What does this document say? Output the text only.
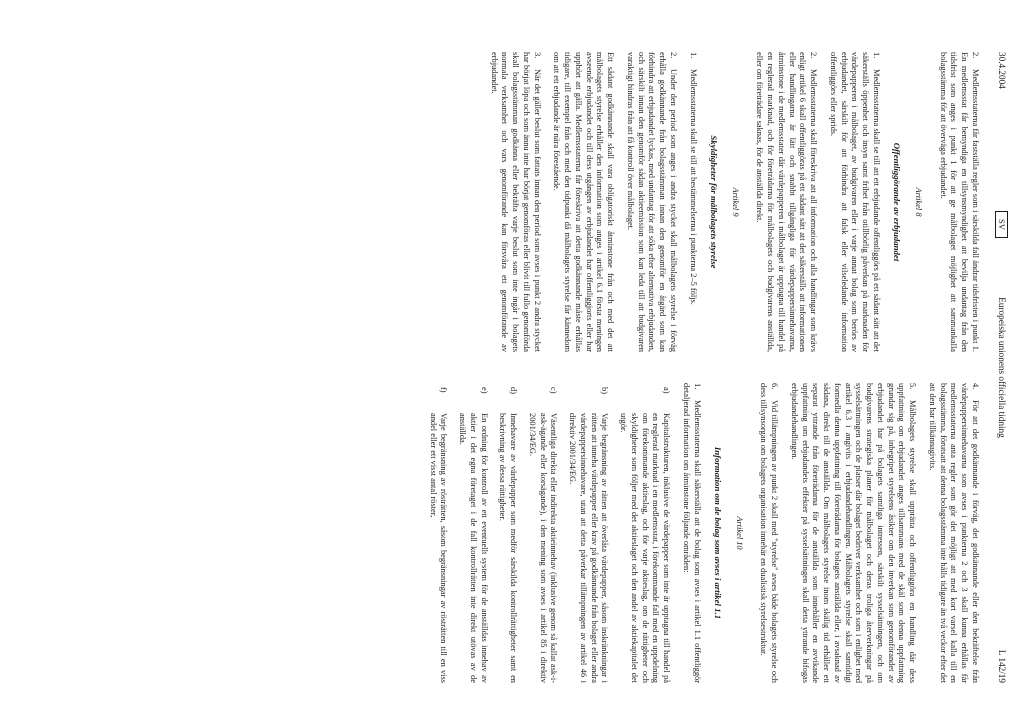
30.4.2004
SV
Europeiska unionens officiella tidning
L 142/19

2.Medlemsstaterna får fastställa regler som i särskilda fall ändrar tidsfristen i punkt 1. En medlemsstat får bemyndiga en tillsynsmyndighet att bevilja undantag från den tidsfrist som anges i punkt 1 för att ge målbolaget möjlighet att sammankalla bolagsstämma för att överväga erbjudandet.

Artikel 8
Offentliggörande av erbjudandet

1.Medlemsstaterna skall se till att ett erbjudande offentliggörs på ett sådant sätt att det säkerställs öppenhet och insyn samt frihet från otillbörlig påverkan på marknaden för värdepapperen i målbolaget, av budgivaren eller i varje annat bolag som berörs av erbjudandet, särskilt för att förhindra att falsk eller vilseledande information offentliggörs eller sprids.

2.Medlemsstaterna skall föreskriva att all information och alla handlingar som krävs enligt artikel 6 skall offentliggöras på ett sådant sätt att det säkerställs att informationen eller handlingarna är lätt och snabbt tillgängliga för värdepappersinnehavarna, åtminstone i de medlemsstater där värdepapperen i målbolaget är upptagna till handel på en reglerad marknad, och för företrädarna för målbolagets och budgivarens anställda, eller om företrädare saknas, för de anställda direkt.

Artikel 9
Skyldigheter för målbolagets styrelse

1.Medlemsstaterna skall se till att bestämmelserna i punkterna 2–5 följs.

2.Under den period som anges i andra stycket skall målbolagets styrelse i förväg erhålla godkännande från bolagsstämman innan den genomför en åtgärd som kan förhindra att erbjudandet lyckas, med undantag för att söka efter alternativa erbjudanden, och särskilt innan den genomför sådan aktieemission som kan leda till att budgivaren varaktigt hindras från att få kontroll över målbolaget.

Ett sådant godkännande skall vara obligatoriskt åtminstone från och med det att målbolagets styrelse erhåller den information som anges i artikel 6.1 första meningen avseende erbjudandet och till dess utgången av erbjudandet har offentliggjorts eller har upphört att gälla. Medlemsstaterna får föreskriva att detta godkännande måste erhållas tidigare, till exempel från och med den tidpunkt då målbolagets styrelse får kännedom om att ett erbjudande är nära förestående.

3.När det gäller beslut som fattats innan den period som avses i punkt 2 andra stycket har börjat löpa och som ännu inte har börjat genomföras eller blivit till fullo genomförda skall bolagsstämman godkänna eller bekräfta varje beslut som inte ingår i bolagets normala verksamhet och vars genomförande kan försvåra ett genomförande av erbjudandet.

4.För att det godkännande i förväg, det godkännande eller den bekräftelse från värdepappersinnehavarna som avses i punkterna 2 och 3 skall kunna erhållas får medlemsstaterna anta regler som gör det möjligt att med kort varsel kalla till en bolagsstämma, förutsatt att denna bolagsstämma inte hålls tidigare än två veckor efter det att den har tillkännagivits.

5.Målbolagets styrelse skall upprätta och offentliggöra en handling där dess uppfattning om erbjudandet anges tillsammans med de skäl som denna uppfattning grundar sig på, inbegripet styrelsens åsikter om den inverkan som genomförandet av erbjudandet har på bolagets samtliga intressen, särskilt sysselsättningen, och om budgivarens strategiska planer för målbolaget och deras troliga återverkningar på sysselsättningen och de platser där bolaget bedriver verksamhet och som i enlighet med artikel 6.3 i angivits i erbjudandehandlingen. Målbolagets styrelse skall samtidigt formedla denna uppfattning till företrädarna för bolagets anställda eller, i avsaknad av sådana, direkt till de anställda. Om målbolagets styrelse inom skälig tid erhåller ett separat yttrande från företrädarna för de anställda som innehåller en avvikande uppfattning om erbjudandets effekter på sysselsättningen skall detta yttrande bifogas erbjudandehandlingen.

6.Vid tillämpningen av punkt 2 skall med "styrelse" avses både bolagets styrelse och dess tillsynsorgan om bolagets organisation innebär en dualistisk styrelsestruktur.

Artikel 10
Information om de bolag som avses i artikel 1.1

1.Medlemsstaterna skall säkerställa att de bolag som avses i artikel 1.1 offentliggör detaljerad information om åtminstone följande områden:

a)
Kapitalstrukturen, inklusive de värdepapper som inte är upptagna till handel på en reglerad marknad i en medlemsstat, i förekommande fall med en uppdelning om förekommande aktieslag, och för varje aktieslag, om de rättigheter och skyldigheter som följer med det aktieslaget och den andel av aktiekapitalet det utgör.
b)
Varje begränsning av rätten att överlåta värdepapper, såsom inskränkningar i rätten att inneha värdepapper eller krav på godkännande från bolaget eller andra värdepappersinnehavare, utan att detta påverkar tillämpningen av artikel 46 i direktiv 2001/34/EG.
c)
Väsentliga direkta eller indirekta aktieinnehav (inklusive genom så kallat ask-i-ask-ägande eller korsägande), i den mening som avses i artikel 85 i direktiv 2001/34/EG.
d)
Innehavare av värdepapper som medför särskilda kontrollrättigheter samt en beskrivning av dessa rättigheter.
e)
En ordning för kontroll av ett eventuellt system för de anställdas innehav av aktier i det egna företaget i de fall kontrollrätten inte direkt utövas av de anställda.
f)
Varje begränsning av rösträtten, såsom begränsningar av rösträtten till en viss andel eller ett visst antal röster,
